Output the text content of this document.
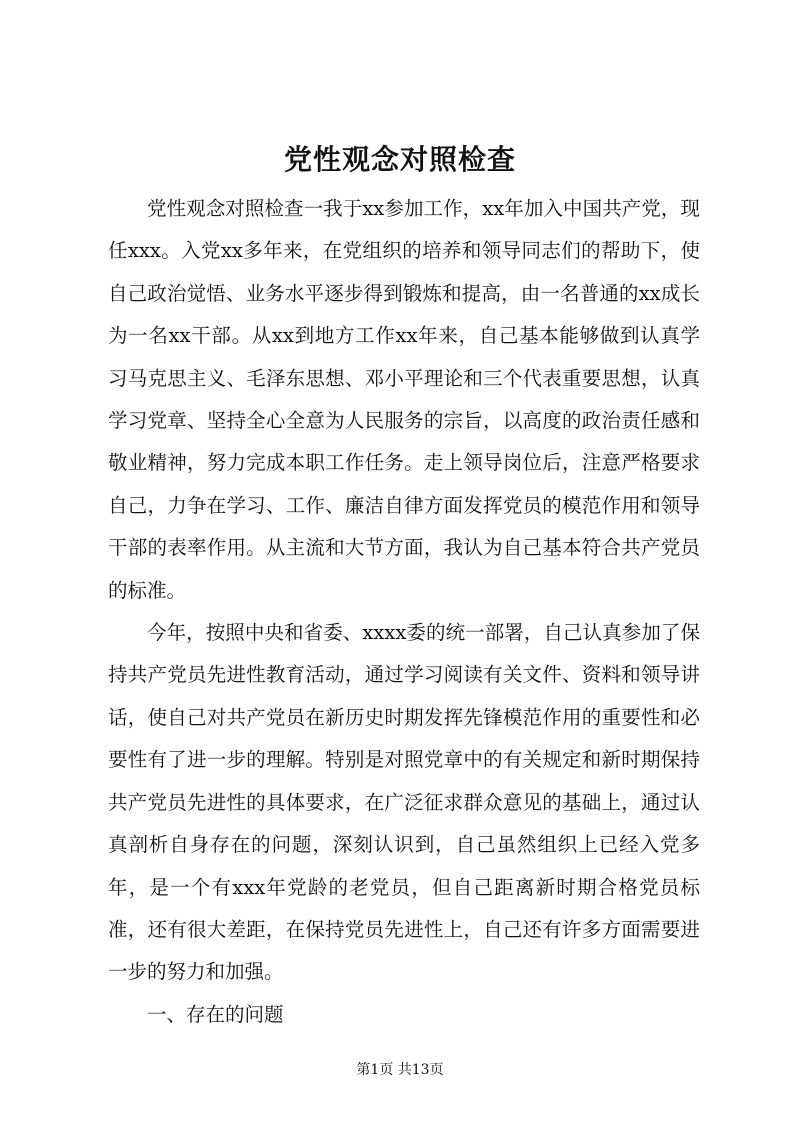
党性观念对照检查

党性观念对照检查一我于xx参加工作，xx年加入中国共产党，现任xxx。入党xx多年来，在党组织的培养和领导同志们的帮助下，使自己政治觉悟、业务水平逐步得到锻炼和提高，由一名普通的xx成长为一名xx干部。从xx到地方工作xx年来，自己基本能够做到认真学习马克思主义、毛泽东思想、邓小平理论和三个代表重要思想，认真学习党章、坚持全心全意为人民服务的宗旨，以高度的政治责任感和敬业精神，努力完成本职工作任务。走上领导岗位后，注意严格要求自己，力争在学习、工作、廉洁自律方面发挥党员的模范作用和领导干部的表率作用。从主流和大节方面，我认为自己基本符合共产党员的标准。

今年，按照中央和省委、xxxx委的统一部署，自己认真参加了保持共产党员先进性教育活动，通过学习阅读有关文件、资料和领导讲话，使自己对共产党员在新历史时期发挥先锋模范作用的重要性和必要性有了进一步的理解。特别是对照党章中的有关规定和新时期保持共产党员先进性的具体要求，在广泛征求群众意见的基础上，通过认真剖析自身存在的问题，深刻认识到，自己虽然组织上已经入党多年，是一个有xxx年党龄的老党员，但自己距离新时期合格党员标准，还有很大差距，在保持党员先进性上，自己还有许多方面需要进一步的努力和加强。

一、存在的问题

第1页 共13页
